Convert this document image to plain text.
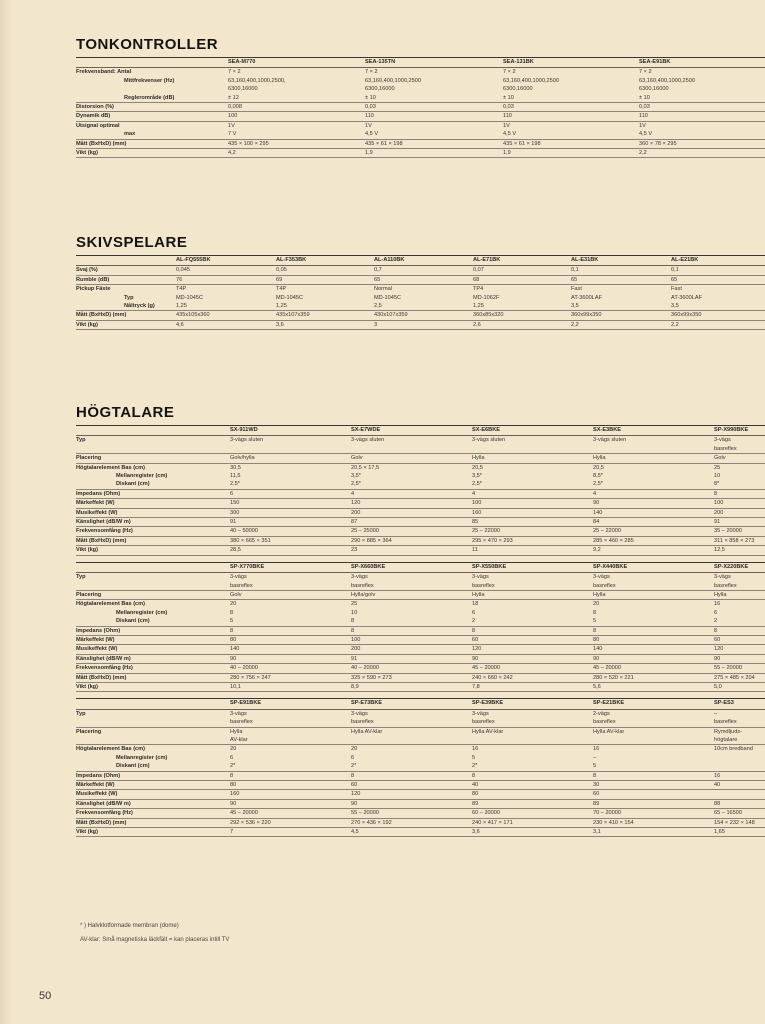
TONKONTROLLER
	SEA-M770	SEA-135TN	SEA-131BK	SEA-E91BK
Frekvensband: Antal	7 × 2	7 × 2	7 × 2	7 × 2
Mittfrekvenser (Hz)	63,160,400,1000,2500,	63,160,400,1000,2500	63,160,400,1000,2500	63,160,400,1000,2500
	6300,16000	6300,16000	6300,16000	6300,16000
Reglerområde (dB)	± 12	± 10	± 10	± 10
Distorsion (%)	0,008	0,03	0,03	0,03
Dynamik dB)	100	110	110	110
Utsignal optimal	1V	1V	1V	1V
max	7 V	4,5 V	4,5 V	4,5 V
Mått (BxHxD) (mm)	435 × 100 × 295	435 × 61 × 198	435 × 61 × 198	360 × 78 × 295
Vikt (kg)	4,2	1,9	1,9	2,2
SKIVSPELARE
	AL-FQ555BK	AL-F353BK	AL-A110BK	AL-E71BK	AL-E31BK	AL-E21BK
Svaj (%)	0,045	0,05	0,7	0,07	0,1	0,1
Rumble (dB)	76	69	65	68	65	65
Pickup Fäste	T4P	T4P	Normal	TP4	Fast	Fast
Typ	MD-1045C	MD-1045C	MD-1045C	MD-1062F	AT-3600LAF	AT-3600LAF
Nåltryck (g)	1,25	1,25	2,5	1,25	3,5	3,5
Mått (BxHxD) (mm)	435x105x360	435x107x359	430x107x359	360x85x320	360x99x350	360x99x350
Vikt (kg)	4,6	3,6	3	2,6	2,2	2,2
HÖGTALARE
	SX-911WD	SX-E7WDE	SX-E6BKE	SX-E3BKE	SP-X990BKE
Typ	3-vägs sluten	3-vägs sluten	3-vägs sluten	3-vägs sluten	3-vägs
					basreflex
Placering	Golv/hylla	Golv	Hylla	Hylla	Golv
Högtalarelement Bas (cm)	30,5	20,5 × 17,5	20,5	20,5	25
Mellanregister (cm)	11,5	3,5*	3,5*	8,5*	10
Diskant (cm)	2,5*	2,5*	2,5*	2,5*	8*
Impedans (Ohm)	6	4	4	4	8
Märkeffekt (W)	150	120	100	90	100
Musikeffekt (W)	300	200	160	140	200
Känslighet (dB/W m)	91	87	85	84	91
Frekvensomfång (Hz)	40 – 50000	25 – 25000	25 – 22000	25 – 22000	35 – 20000
Mått (BxHxD) (mm)	380 × 665 × 351	290 × 885 × 364	295 × 470 × 293	285 × 460 × 285	311 × 858 × 273
Vikt (kg)	28,5	23	11	9,2	12,5
	SP-X770BKE	SP-X660BKE	SP-X550BKE	SP-X440BKE	SP-X220BKE
Typ	3-vägs	3-vägs	3-vägs	3-vägs	3-vägs
	basreflex	basreflex	basreflex	basreflex	basreflex
Placering	Golv	Hylla/golv	Hylla	Hylla	Hylla
Högtalarelement Bas (cm)	20	25	18	20	16
Mellanregister (cm)	8	10	6	8	6
Diskant (cm)	5	8	2	5	2
Impedans (Ohm)	8	8	8	8	8
Märkeffekt (W)	80	100	60	80	60
Musikeffekt (W)	140	200	120	140	120
Känslighet (dB/W m)	90	91	90	90	90
Frekvensomfång (Hz)	40 – 20000	40 – 20000	45 – 20000	45 – 20000	55 – 20000
Mått (BxHxD) (mm)	280 × 756 × 247	325 × 590 × 273	240 × 660 × 242	280 × 520 × 221	275 × 485 × 204
Vikt (kg)	10,1	8,9	7,8	5,6	5,0
	SP-E91BKE	SP-E73BKE	SP-E39BKE	SP-E21BKE	SP-ES3
Typ	3-vägs	3-vägs	3-vägs	2-vägs	–
	basreflex	basreflex	basreflex	basreflex	basreflex
Placering	Hylla	Hylla AV-klar	Hylla AV-klar	Hylla AV-klar	Rymdljuds-
	AV-klar				högtalare
Högtalarelement Bas (cm)	20	20	16	16	10cm bredband
Mellanregister (cm)	6	6	5	–	
Diskant (cm)	2*	2*	2*	5	
Impedans (Ohm)	8	8	8	8	16
Märkeffekt (W)	80	60	40	30	40
Musikeffekt (W)	160	120	80	60	
Känslighet (dB/W m)	90	90	89	89	88
Frekvensomfång (Hz)	45 – 20000	55 – 20000	60 – 20000	70 – 20000	65 – 16500
Mått (BxHxD) (mm)	292 × 536 × 220	270 × 436 × 192	240 × 417 × 171	230 × 410 × 154	154 × 232 × 148
Vikt (kg)	7	4,5	3,6	3,1	1,65
* ) Halvklotformade membran (dome)
AV-klar: Små magnetiska läckfält = kan placeras intill TV
50
